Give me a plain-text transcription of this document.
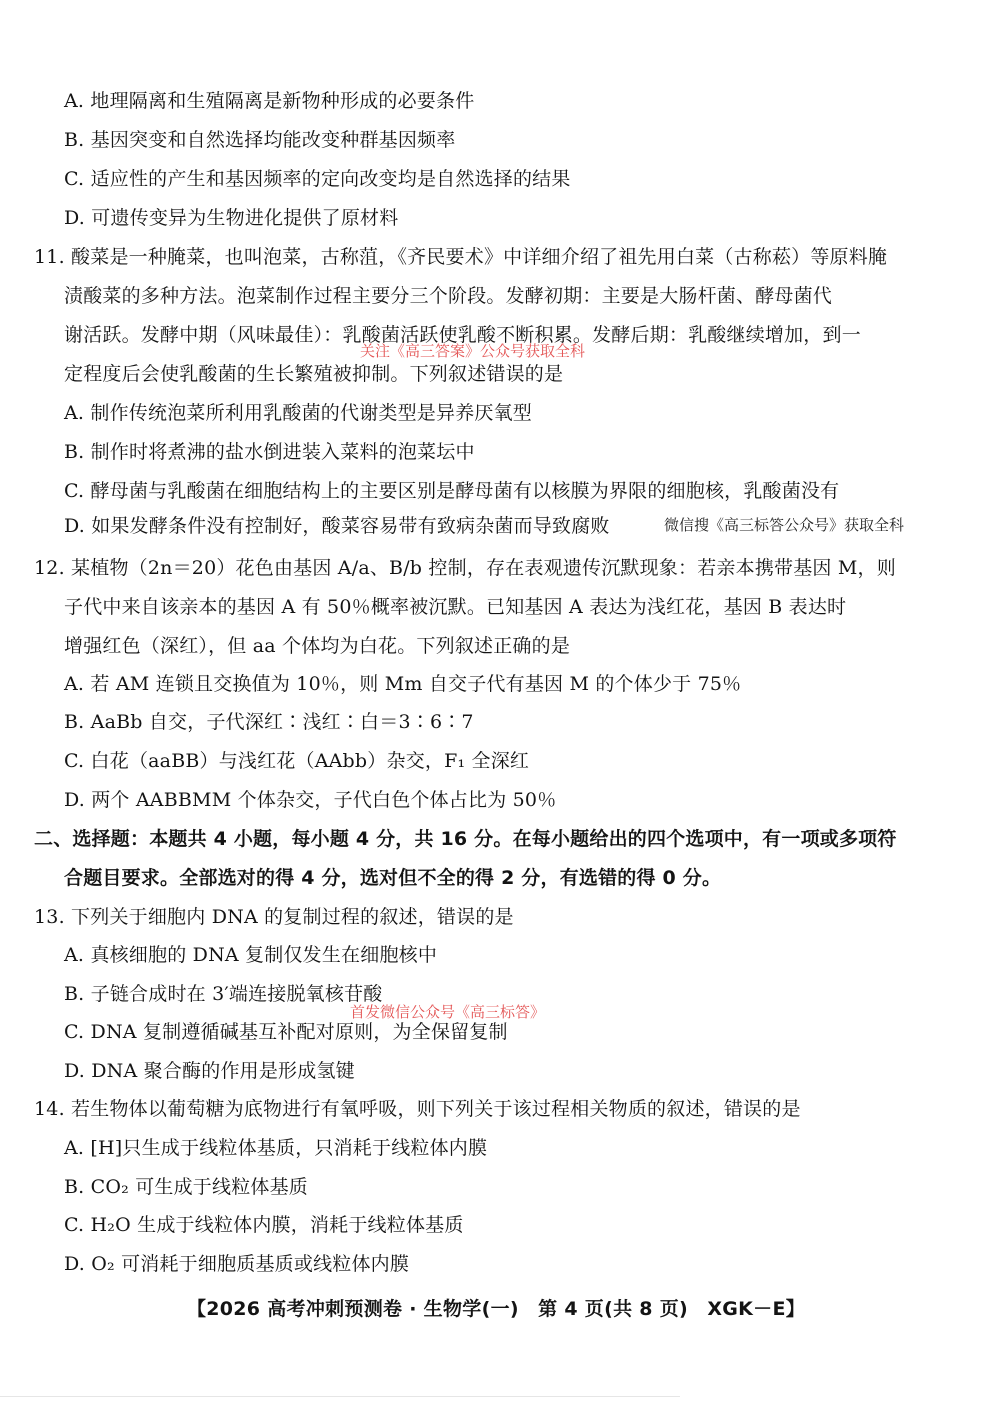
A. 地理隔离和生殖隔离是新物种形成的必要条件
B. 基因突变和自然选择均能改变种群基因频率
C. 适应性的产生和基因频率的定向改变均是自然选择的结果
D. 可遗传变异为生物进化提供了原材料
11. 酸菜是一种腌菜，也叫泡菜，古称菹，《齐民要术》中详细介绍了祖先用白菜（古称菘）等原料腌
渍酸菜的多种方法。泡菜制作过程主要分三个阶段。发酵初期：主要是大肠杆菌、酵母菌代
谢活跃。发酵中期（风味最佳）：乳酸菌活跃使乳酸不断积累。发酵后期：乳酸继续增加，到一
关注《高三答案》公众号获取全科
定程度后会使乳酸菌的生长繁殖被抑制。下列叙述错误的是
A. 制作传统泡菜所利用乳酸菌的代谢类型是异养厌氧型
B. 制作时将煮沸的盐水倒进装入菜料的泡菜坛中
C. 酵母菌与乳酸菌在细胞结构上的主要区别是酵母菌有以核膜为界限的细胞核，乳酸菌没有
D. 如果发酵条件没有控制好，酸菜容易带有致病杂菌而导致腐败	微信搜《高三标答公众号》获取全科
12. 某植物（2n＝20）花色由基因 A/a、B/b 控制，存在表观遗传沉默现象：若亲本携带基因 M，则
子代中来自该亲本的基因 A 有 50％概率被沉默。已知基因 A 表达为浅红花，基因 B 表达时
增强红色（深红），但 aa 个体均为白花。下列叙述正确的是
A. 若 AM 连锁且交换值为 10％，则 Mm 自交子代有基因 M 的个体少于 75％
B. AaBb 自交，子代深红∶浅红∶白＝3∶6∶7
C. 白花（aaBB）与浅红花（AAbb）杂交，F₁ 全深红
D. 两个 AABBMM 个体杂交，子代白色个体占比为 50％
二、选择题：本题共 4 小题，每小题 4 分，共 16 分。在每小题给出的四个选项中，有一项或多项符
合题目要求。全部选对的得 4 分，选对但不全的得 2 分，有选错的得 0 分。
13. 下列关于细胞内 DNA 的复制过程的叙述，错误的是
A. 真核细胞的 DNA 复制仅发生在细胞核中
B. 子链合成时在 3′端连接脱氧核苷酸
首发微信公众号《高三标答》
C. DNA 复制遵循碱基互补配对原则，为全保留复制
D. DNA 聚合酶的作用是形成氢键
14. 若生物体以葡萄糖为底物进行有氧呼吸，则下列关于该过程相关物质的叙述，错误的是
A. [H]只生成于线粒体基质，只消耗于线粒体内膜
B. CO₂ 可生成于线粒体基质
C. H₂O 生成于线粒体内膜，消耗于线粒体基质
D. O₂ 可消耗于细胞质基质或线粒体内膜
【2026 高考冲刺预测卷 · 生物学(一)　第 4 页(共 8 页)　XGK－E】
